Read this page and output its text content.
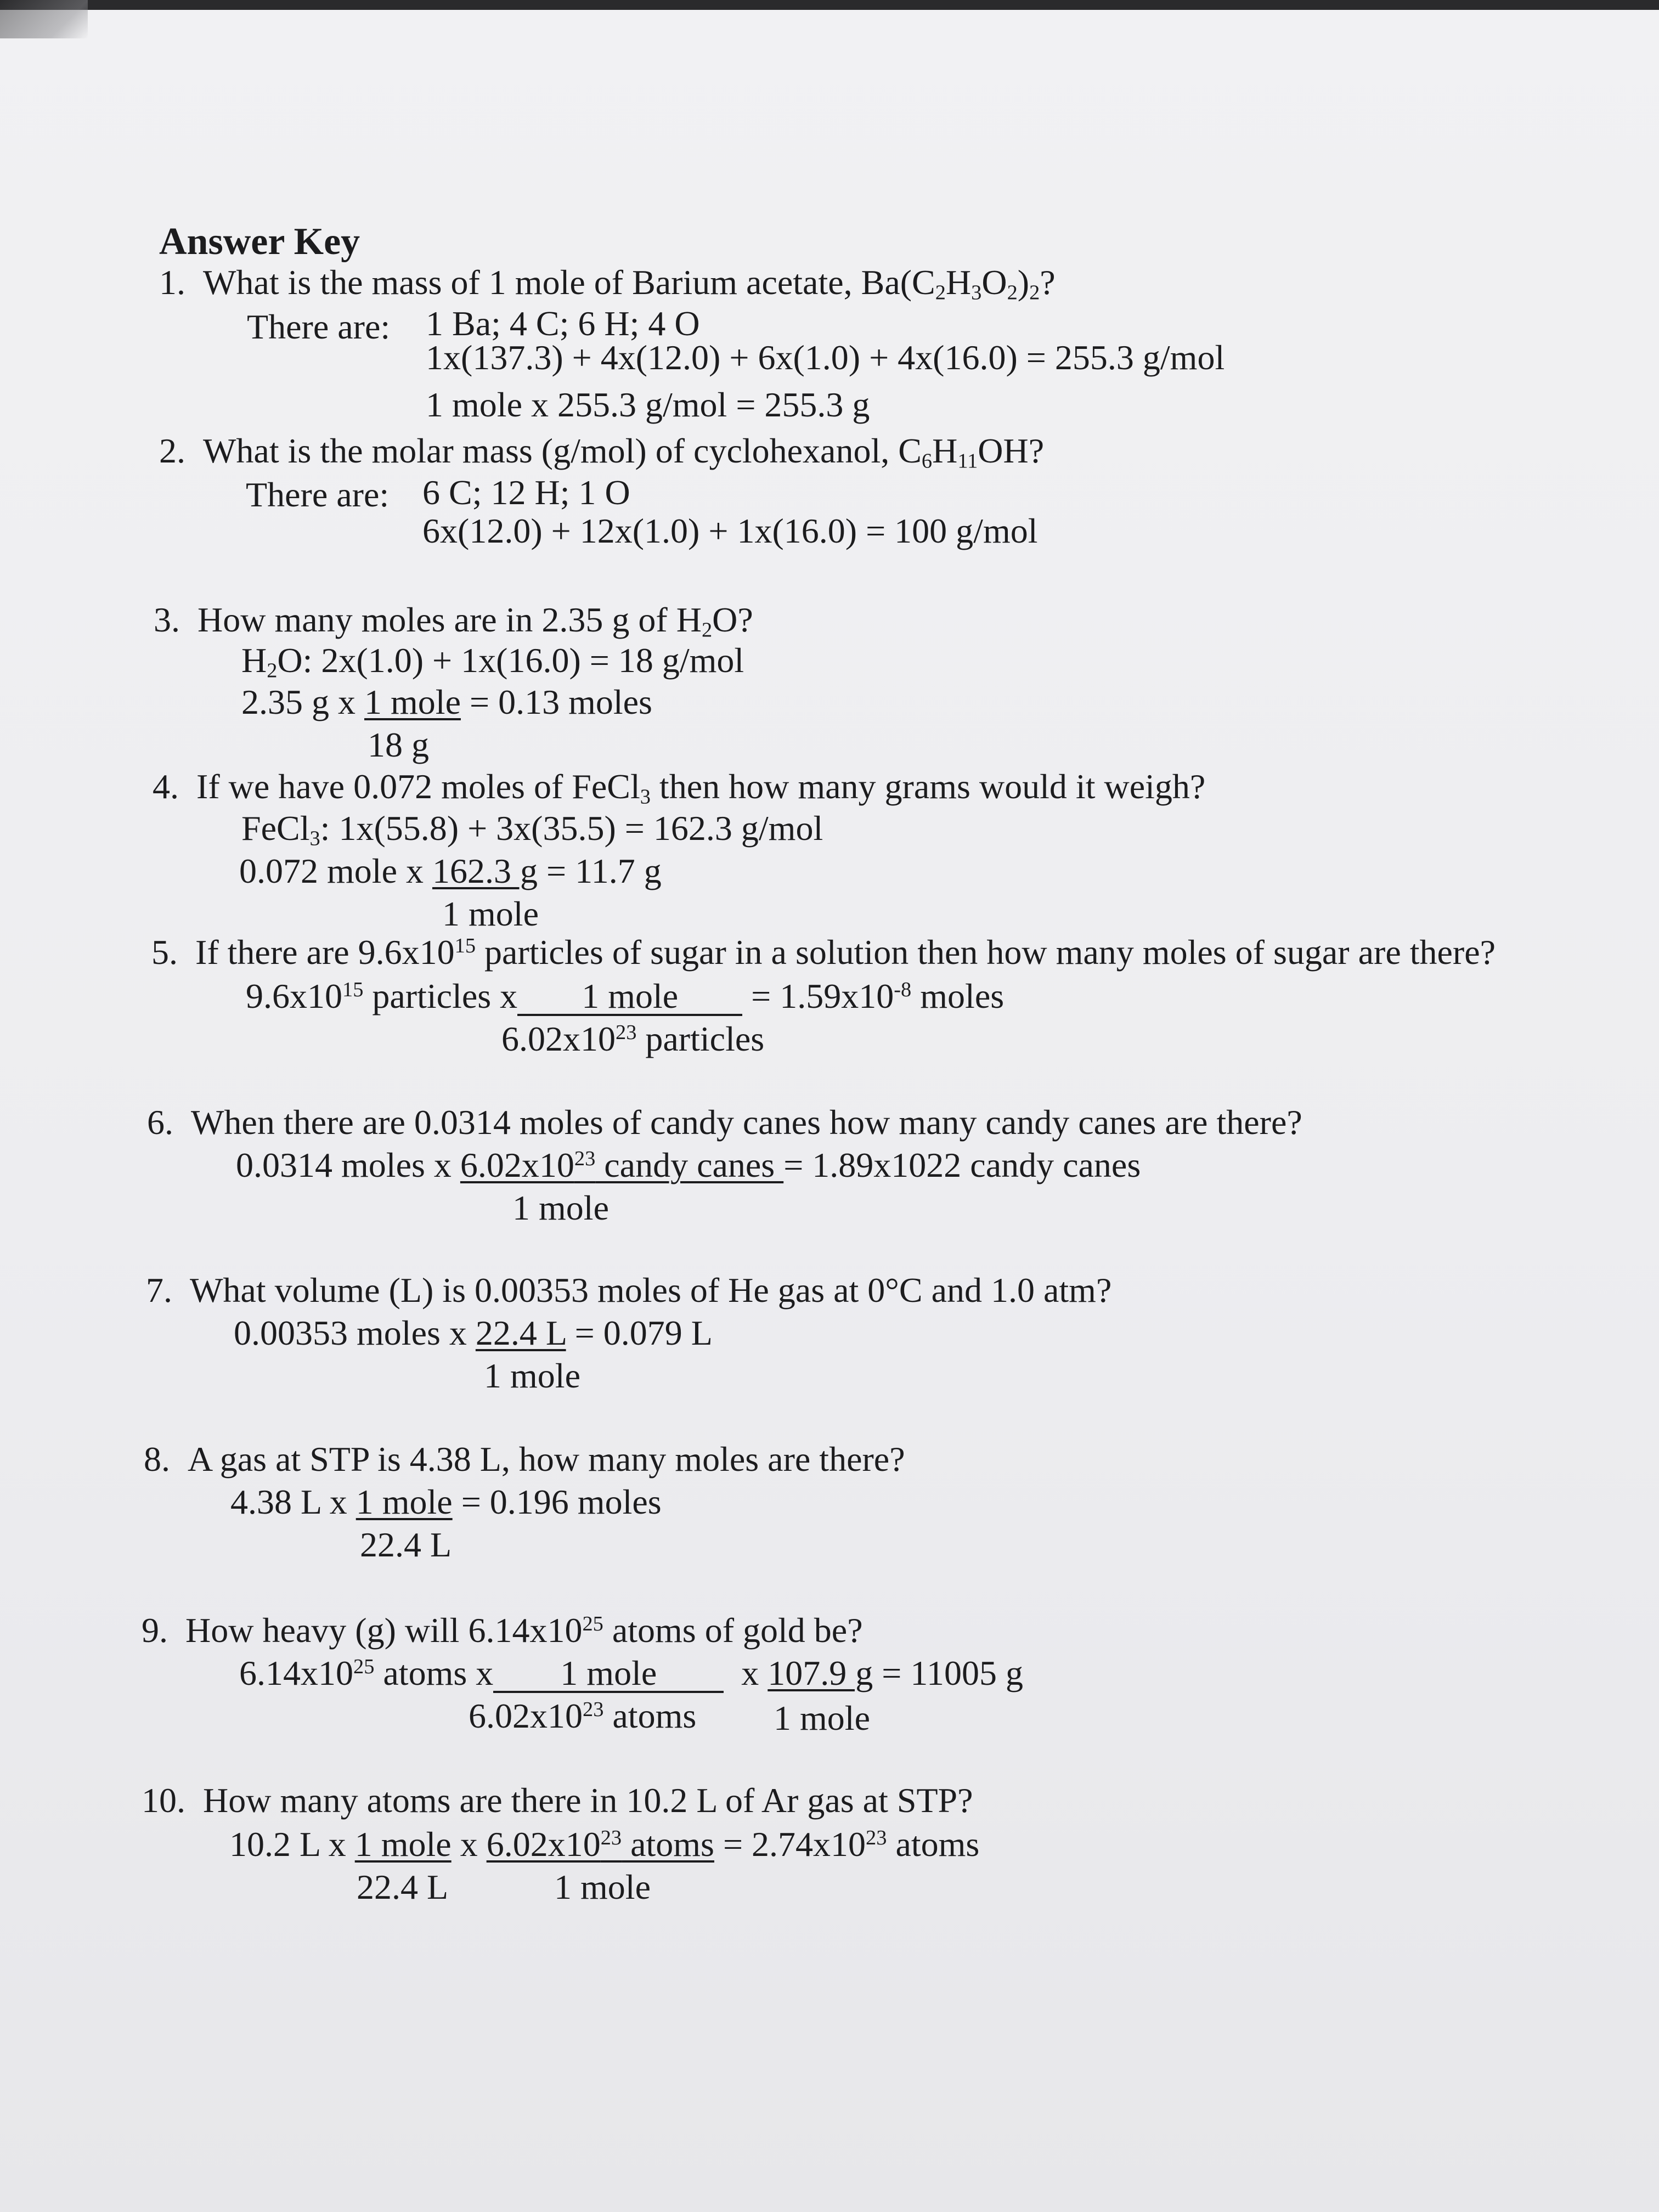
Answer Key
1. What is the mass of 1 mole of Barium acetate, $Ba(C_2H_3O_2)_2$?
There are: 1 Ba; 4 C; 6 H; 4 O
1x(137.3) + 4x(12.0) + 6x(1.0) + 4x(16.0) = 255.3 g/mol
1 mole x 255.3 g/mol = 255.3 g
2. What is the molar mass (g/mol) of cyclohexanol, $C_6H_{11}OH$?
There are: 6 C; 12 H; 1 O
6x(12.0) + 12x(1.0) + 1x(16.0) = 100 g/mol
3. How many moles are in 2.35 g of $H_2O$?
$H_2O$: 2x(1.0) + 1x(16.0) = 18 g/mol
2.35 g x 1 mole = 0.13 moles
18 g
4. If we have 0.072 moles of FeCl$_3$ then how many grams would it weigh?
FeCl$_3$: 1x(55.8) + 3x(35.5) = 162.3 g/mol
0.072 mole x 162.3 g = 11.7 g
1 mole
5. If there are $9.6x10^{15}$ particles of sugar in a solution then how many moles of sugar are there?
$9.6x10^{15}$ particles x 1 mole = $1.59x10^{-8}$ moles
$6.02x10^{23}$ particles
6. When there are 0.0314 moles of candy canes how many candy canes are there?
0.0314 moles x $6.02x10^{23}$ candy canes = 1.89x1022 candy canes
1 mole
7. What volume (L) is 0.00353 moles of He gas at 0°C and 1.0 atm?
0.00353 moles x 22.4 L = 0.079 L
1 mole
8. A gas at STP is 4.38 L, how many moles are there?
4.38 L x 1 mole = 0.196 moles
22.4 L
9. How heavy (g) will $6.14x10^{25}$ atoms of gold be?
$6.14x10^{25}$ atoms x 1 mole x 107.9 g = 11005 g
$6.02x10^{23}$ atoms 1 mole
10. How many atoms are there in 10.2 L of Ar gas at STP?
10.2 L x 1 mole x $6.02x10^{23}$ atoms = $2.74x10^{23}$ atoms
22.4 L	1 mole
